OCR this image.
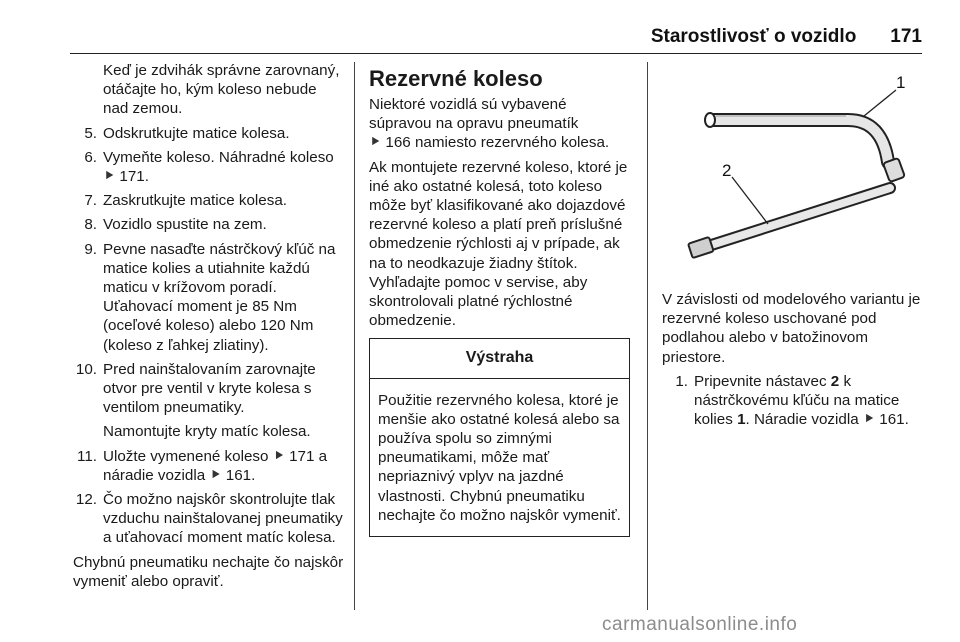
Starostlivosť o vozidlo 171
Keď je zdvihák správne zarovnaný, otáčajte ho, kým koleso nebude nad zemou.
5. Odskrutkujte matice kolesa.
6. Vymeňte koleso. Náhradné koleso ⯈ 171.
7. Zaskrutkujte matice kolesa.
8. Vozidlo spustite na zem.
9. Pevne nasaďte nástrčkový kľúč na matice kolies a utiahnite každú maticu v krížovom poradí.
Uťahovací moment je 85 Nm (oceľové koleso) alebo 120 Nm (koleso z ľahkej zliatiny).
10. Pred nainštalovaním zarovnajte otvor pre ventil v kryte kolesa s ventilom pneumatiky.
Namontujte kryty matíc kolesa.
11. Uložte vymenené koleso ⯈ 171 a náradie vozidla ⯈ 161.
12. Čo možno najskôr skontrolujte tlak vzduchu nainštalovanej pneumatiky a uťahovací moment matíc kolesa.
Chybnú pneumatiku nechajte čo najskôr vymeniť alebo opraviť.
Rezervné koleso
Niektoré vozidlá sú vybavené súpravou na opravu pneumatík
⯈ 166 namiesto rezervného kolesa.
Ak montujete rezervné koleso, ktoré je iné ako ostatné kolesá, toto koleso môže byť klasifikované ako dojazdové rezervné koleso a platí preň príslušné obmedzenie rýchlosti aj v prípade, ak na to neodkazuje žiadny štítok. Vyhľadajte pomoc v servise, aby skontrolovali platné rýchlostné obmedzenie.
Výstraha
Použitie rezervného kolesa, ktoré je menšie ako ostatné kolesá alebo sa používa spolu so zimnými pneumatikami, môže mať nepriaznivý vplyv na jazdné vlastnosti. Chybnú pneumatiku nechajte čo možno najskôr vymeniť.
1
2
V závislosti od modelového variantu je rezervné koleso uschované pod podlahou alebo v batožinovom priestore.
1. Pripevnite nástavec 2 k nástrčkovému kľúču na matice kolies 1. Náradie vozidla ⯈ 161.
carmanualsonline.info
